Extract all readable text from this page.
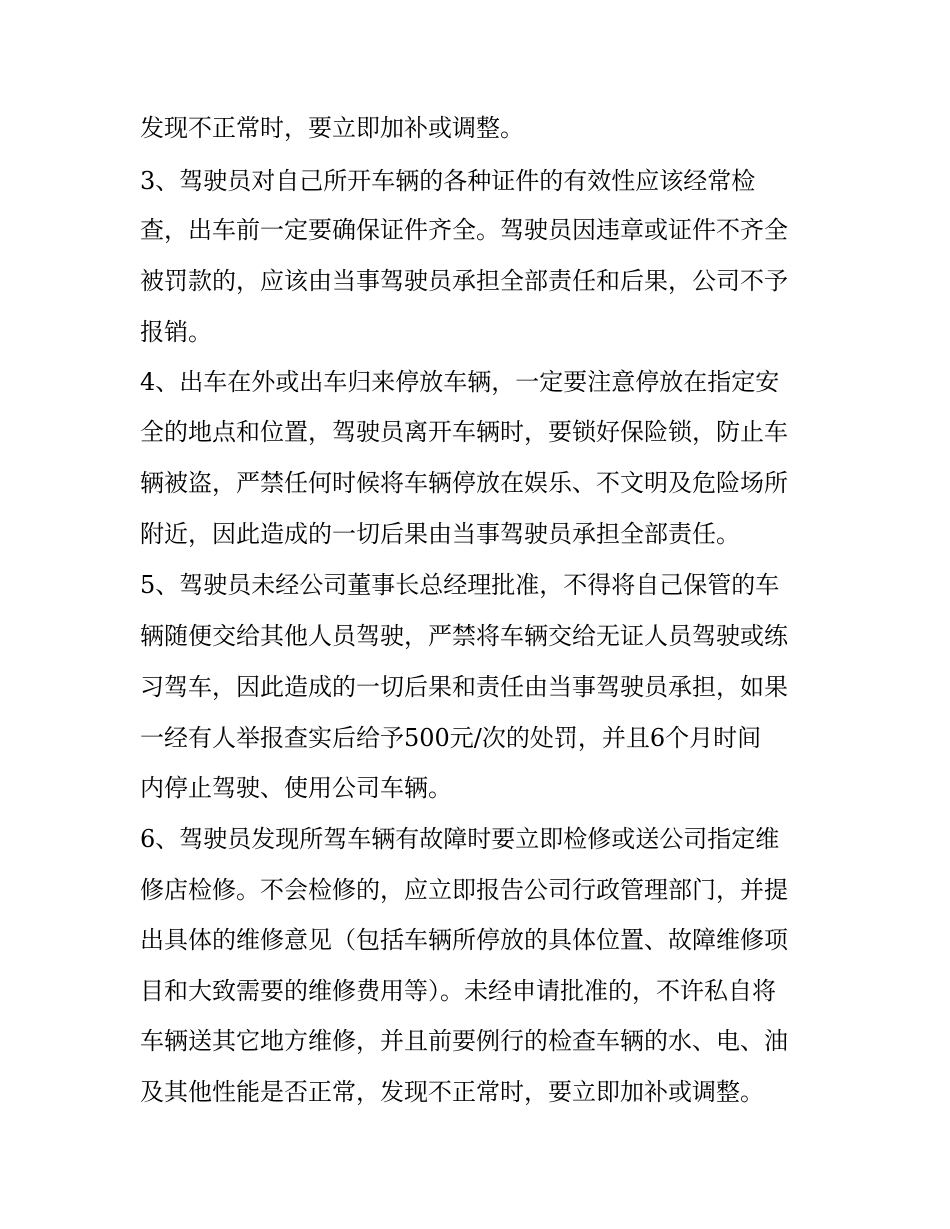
发现不正常时，要立即加补或调整。
3、驾驶员对自己所开车辆的各种证件的有效性应该经常检
查，出车前一定要确保证件齐全。驾驶员因违章或证件不齐全
被罚款的，应该由当事驾驶员承担全部责任和后果，公司不予
报销。
4、出车在外或出车归来停放车辆，一定要注意停放在指定安
全的地点和位置，驾驶员离开车辆时，要锁好保险锁，防止车
辆被盗，严禁任何时候将车辆停放在娱乐、不文明及危险场所
附近，因此造成的一切后果由当事驾驶员承担全部责任。
5、驾驶员未经公司董事长总经理批准，不得将自己保管的车
辆随便交给其他人员驾驶，严禁将车辆交给无证人员驾驶或练
习驾车，因此造成的一切后果和责任由当事驾驶员承担，如果
一经有人举报查实后给予500元/次的处罚，并且6个月时间
内停止驾驶、使用公司车辆。
6、驾驶员发现所驾车辆有故障时要立即检修或送公司指定维
修店检修。不会检修的，应立即报告公司行政管理部门，并提
出具体的维修意见（包括车辆所停放的具体位置、故障维修项
目和大致需要的维修费用等）。未经申请批准的，不许私自将
车辆送其它地方维修，并且前要例行的检查车辆的水、电、油
及其他性能是否正常，发现不正常时，要立即加补或调整。
